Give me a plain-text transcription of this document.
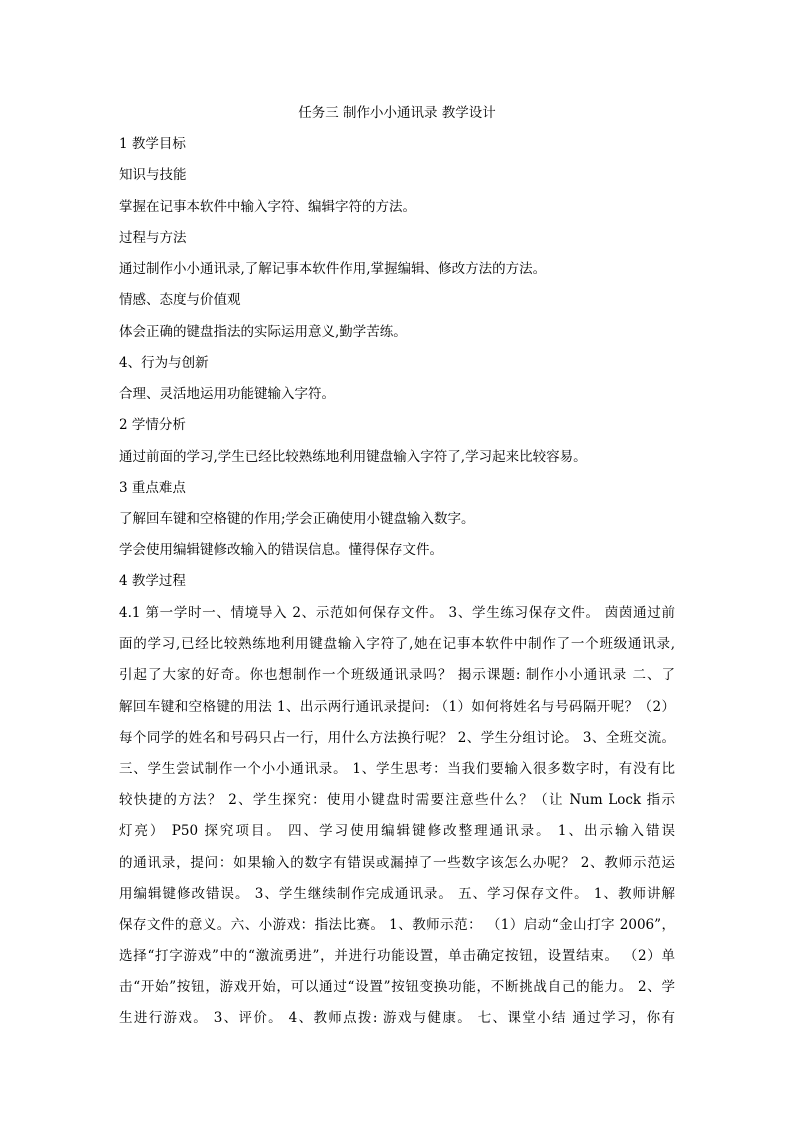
任务三 制作小小通讯录 教学设计
1 教学目标
知识与技能
掌握在记事本软件中输入字符、编辑字符的方法。
过程与方法
通过制作小小通讯录,了解记事本软件作用,掌握编辑、修改方法的方法。
情感、态度与价值观
体会正确的键盘指法的实际运用意义,勤学苦练。
4、行为与创新
合理、灵活地运用功能键输入字符。
2 学情分析
通过前面的学习,学生已经比较熟练地利用键盘输入字符了,学习起来比较容易。
3 重点难点
了解回车键和空格键的作用;学会正确使用小键盘输入数字。
学会使用编辑键修改输入的错误信息。懂得保存文件。
4 教学过程
4.1 第一学时一、情境导入 2、示范如何保存文件。 3、学生练习保存文件。 茵茵通过前
面的学习,已经比较熟练地利用键盘输入字符了,她在记事本软件中制作了一个班级通讯录,
引起了大家的好奇。你也想制作一个班级通讯录吗？ 揭示课题: 制作小小通讯录 二、了
解回车键和空格键的用法 1、出示两行通讯录提问: （1）如何将姓名与号码隔开呢？（2）
每个同学的姓名和号码只占一行，用什么方法换行呢？ 2、学生分组讨论。 3、全班交流。
三、学生尝试制作一个小小通讯录。 1、学生思考：当我们要输入很多数字时，有没有比
较快捷的方法？ 2、学生探究：使用小键盘时需要注意些什么？（让 Num Lock 指示
灯亮） P50 探究项目。 四、学习使用编辑键修改整理通讯录。 1、出示输入错误
的通讯录，提问：如果输入的数字有错误或漏掉了一些数字该怎么办呢？ 2、教师示范运
用编辑键修改错误。 3、学生继续制作完成通讯录。 五、学习保存文件。 1、教师讲解
保存文件的意义。六、小游戏：指法比赛。 1、教师示范： （1）启动“金山打字 2006”，
选择“打字游戏”中的“激流勇进”，并进行功能设置，单击确定按钮，设置结束。 （2）单
击“开始”按钮，游戏开始，可以通过“设置”按钮变换功能，不断挑战自己的能力。 2、学
生进行游戏。 3、评价。 4、教师点拨: 游戏与健康。 七、课堂小结 通过学习，你有
